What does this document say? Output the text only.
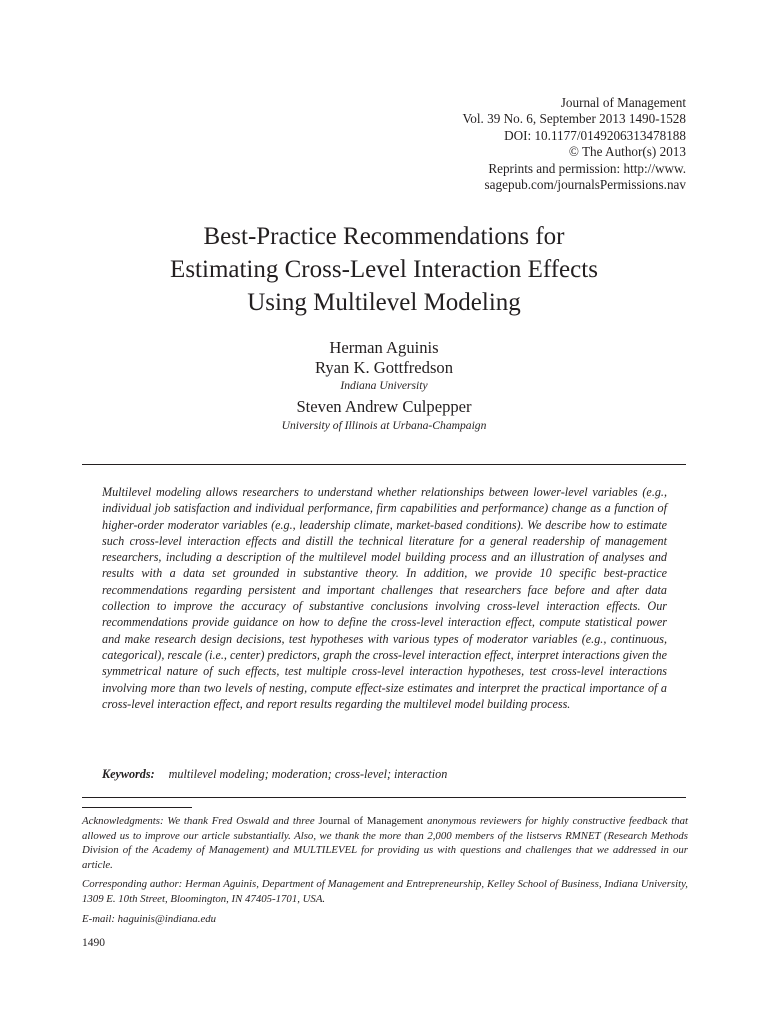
Journal of Management
Vol. 39 No. 6, September 2013 1490-1528
DOI: 10.1177/0149206313478188
© The Author(s) 2013
Reprints and permission: http://www.
sagepub.com/journalsPermissions.nav
Best-Practice Recommendations for
Estimating Cross-Level Interaction Effects
Using Multilevel Modeling
Herman Aguinis
Ryan K. Gottfredson
Indiana University
Steven Andrew Culpepper
University of Illinois at Urbana-Champaign

Multilevel modeling allows researchers to understand whether relationships between lower-level variables (e.g., individual job satisfaction and individual performance, firm capabilities and performance) change as a function of higher-order moderator variables (e.g., leadership climate, market-based conditions). We describe how to estimate such cross-level interaction effects and distill the technical literature for a general readership of management researchers, including a description of the multilevel model building process and an illustration of analyses and results with a data set grounded in substantive theory. In addition, we provide 10 specific best-practice recommendations regarding persistent and important challenges that researchers face before and after data collection to improve the accuracy of substantive conclusions involving cross-level interaction effects. Our recommendations provide guidance on how to define the cross-level interaction effect, compute statistical power and make research design decisions, test hypotheses with various types of moderator variables (e.g., continuous, categorical), rescale (i.e., center) predictors, graph the cross-level interaction effect, interpret interactions given the symmetrical nature of such effects, test multiple cross-level interaction hypotheses, test cross-level interactions involving more than two levels of nesting, compute effect-size estimates and interpret the practical importance of a cross-level interaction effect, and report results regarding the multilevel model building process.

Keywords: multilevel modeling; moderation; cross-level; interaction

Acknowledgments: We thank Fred Oswald and three Journal of Management anonymous reviewers for highly constructive feedback that allowed us to improve our article substantially. Also, we thank the more than 2,000 members of the listservs RMNET (Research Methods Division of the Academy of Management) and MULTILEVEL for providing us with questions and challenges that we addressed in our article.

Corresponding author: Herman Aguinis, Department of Management and Entrepreneurship, Kelley School of Business, Indiana University, 1309 E. 10th Street, Bloomington, IN 47405-1701, USA.

E-mail: haguinis@indiana.edu

1490
